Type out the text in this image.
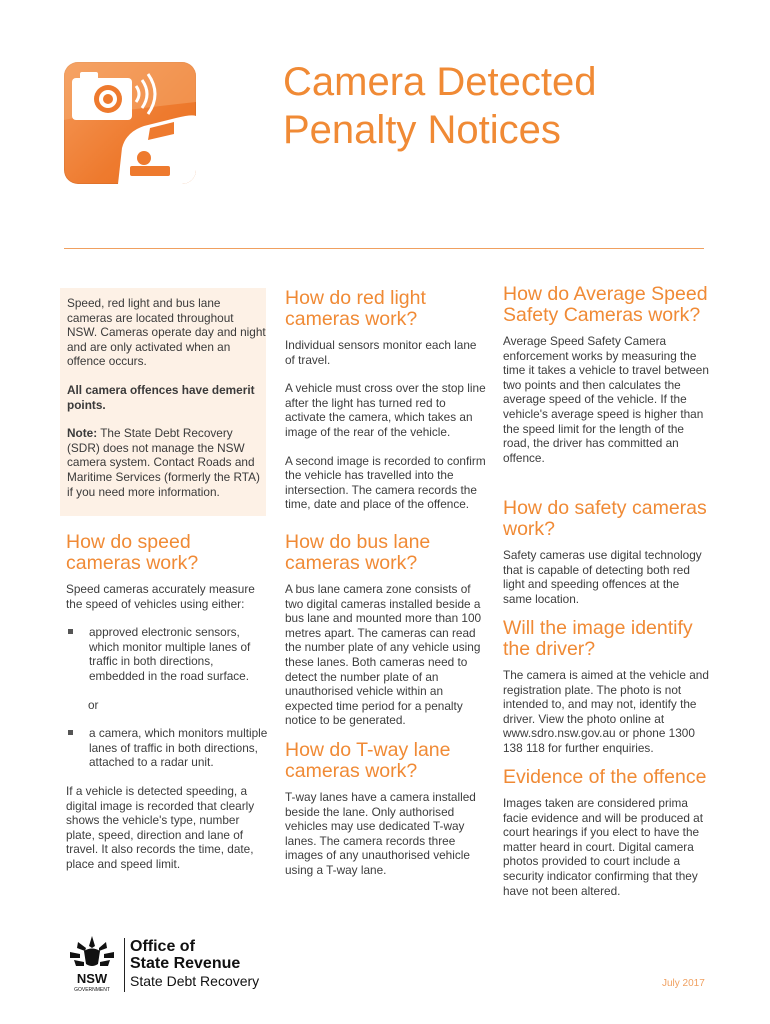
Camera Detected
Penalty Notices

Speed, red light and bus lane cameras are located throughout NSW. Cameras operate day and night and are only activated when an offence occurs.

All camera offences have demerit points.

Note: The State Debt Recovery (SDR) does not manage the NSW camera system. Contact Roads and Maritime Services (formerly the RTA) if you need more information.

How do speed cameras work?

Speed cameras accurately measure the speed of vehicles using either:

approved electronic sensors, which monitor multiple lanes of traffic in both directions, embedded in the road surface.

or

a camera, which monitors multiple lanes of traffic in both directions, attached to a radar unit.

If a vehicle is detected speeding, a digital image is recorded that clearly shows the vehicle's type, number plate, speed, direction and lane of travel. It also records the time, date, place and speed limit.

How do red light cameras work?

Individual sensors monitor each lane of travel.

A vehicle must cross over the stop line after the light has turned red to activate the camera, which takes an image of the rear of the vehicle.

A second image is recorded to confirm the vehicle has travelled into the intersection. The camera records the time, date and place of the offence.

How do bus lane cameras work?

A bus lane camera zone consists of two digital cameras installed beside a bus lane and mounted more than 100 metres apart. The cameras can read the number plate of any vehicle using these lanes. Both cameras need to detect the number plate of an unauthorised vehicle within an expected time period for a penalty notice to be generated.

How do T-way lane cameras work?

T-way lanes have a camera installed beside the lane. Only authorised vehicles may use dedicated T-way lanes. The camera records three images of any unauthorised vehicle using a T-way lane.

How do Average Speed Safety Cameras work?

Average Speed Safety Camera enforcement works by measuring the time it takes a vehicle to travel between two points and then calculates the average speed of the vehicle. If the vehicle's average speed is higher than the speed limit for the length of the road, the driver has committed an offence.

How do safety cameras work?

Safety cameras use digital technology that is capable of detecting both red light and speeding offences at the same location.

Will the image identify the driver?

The camera is aimed at the vehicle and registration plate. The photo is not intended to, and may not, identify the driver. View the photo online at www.sdro.nsw.gov.au or phone 1300 138 118 for further enquiries.

Evidence of the offence

Images taken are considered prima facie evidence and will be produced at court hearings if you elect to have the matter heard in court. Digital camera photos provided to court include a security indicator confirming that they have not been altered.

NSW
GOVERNMENT
Office of
State Revenue
State Debt Recovery	July 2017
